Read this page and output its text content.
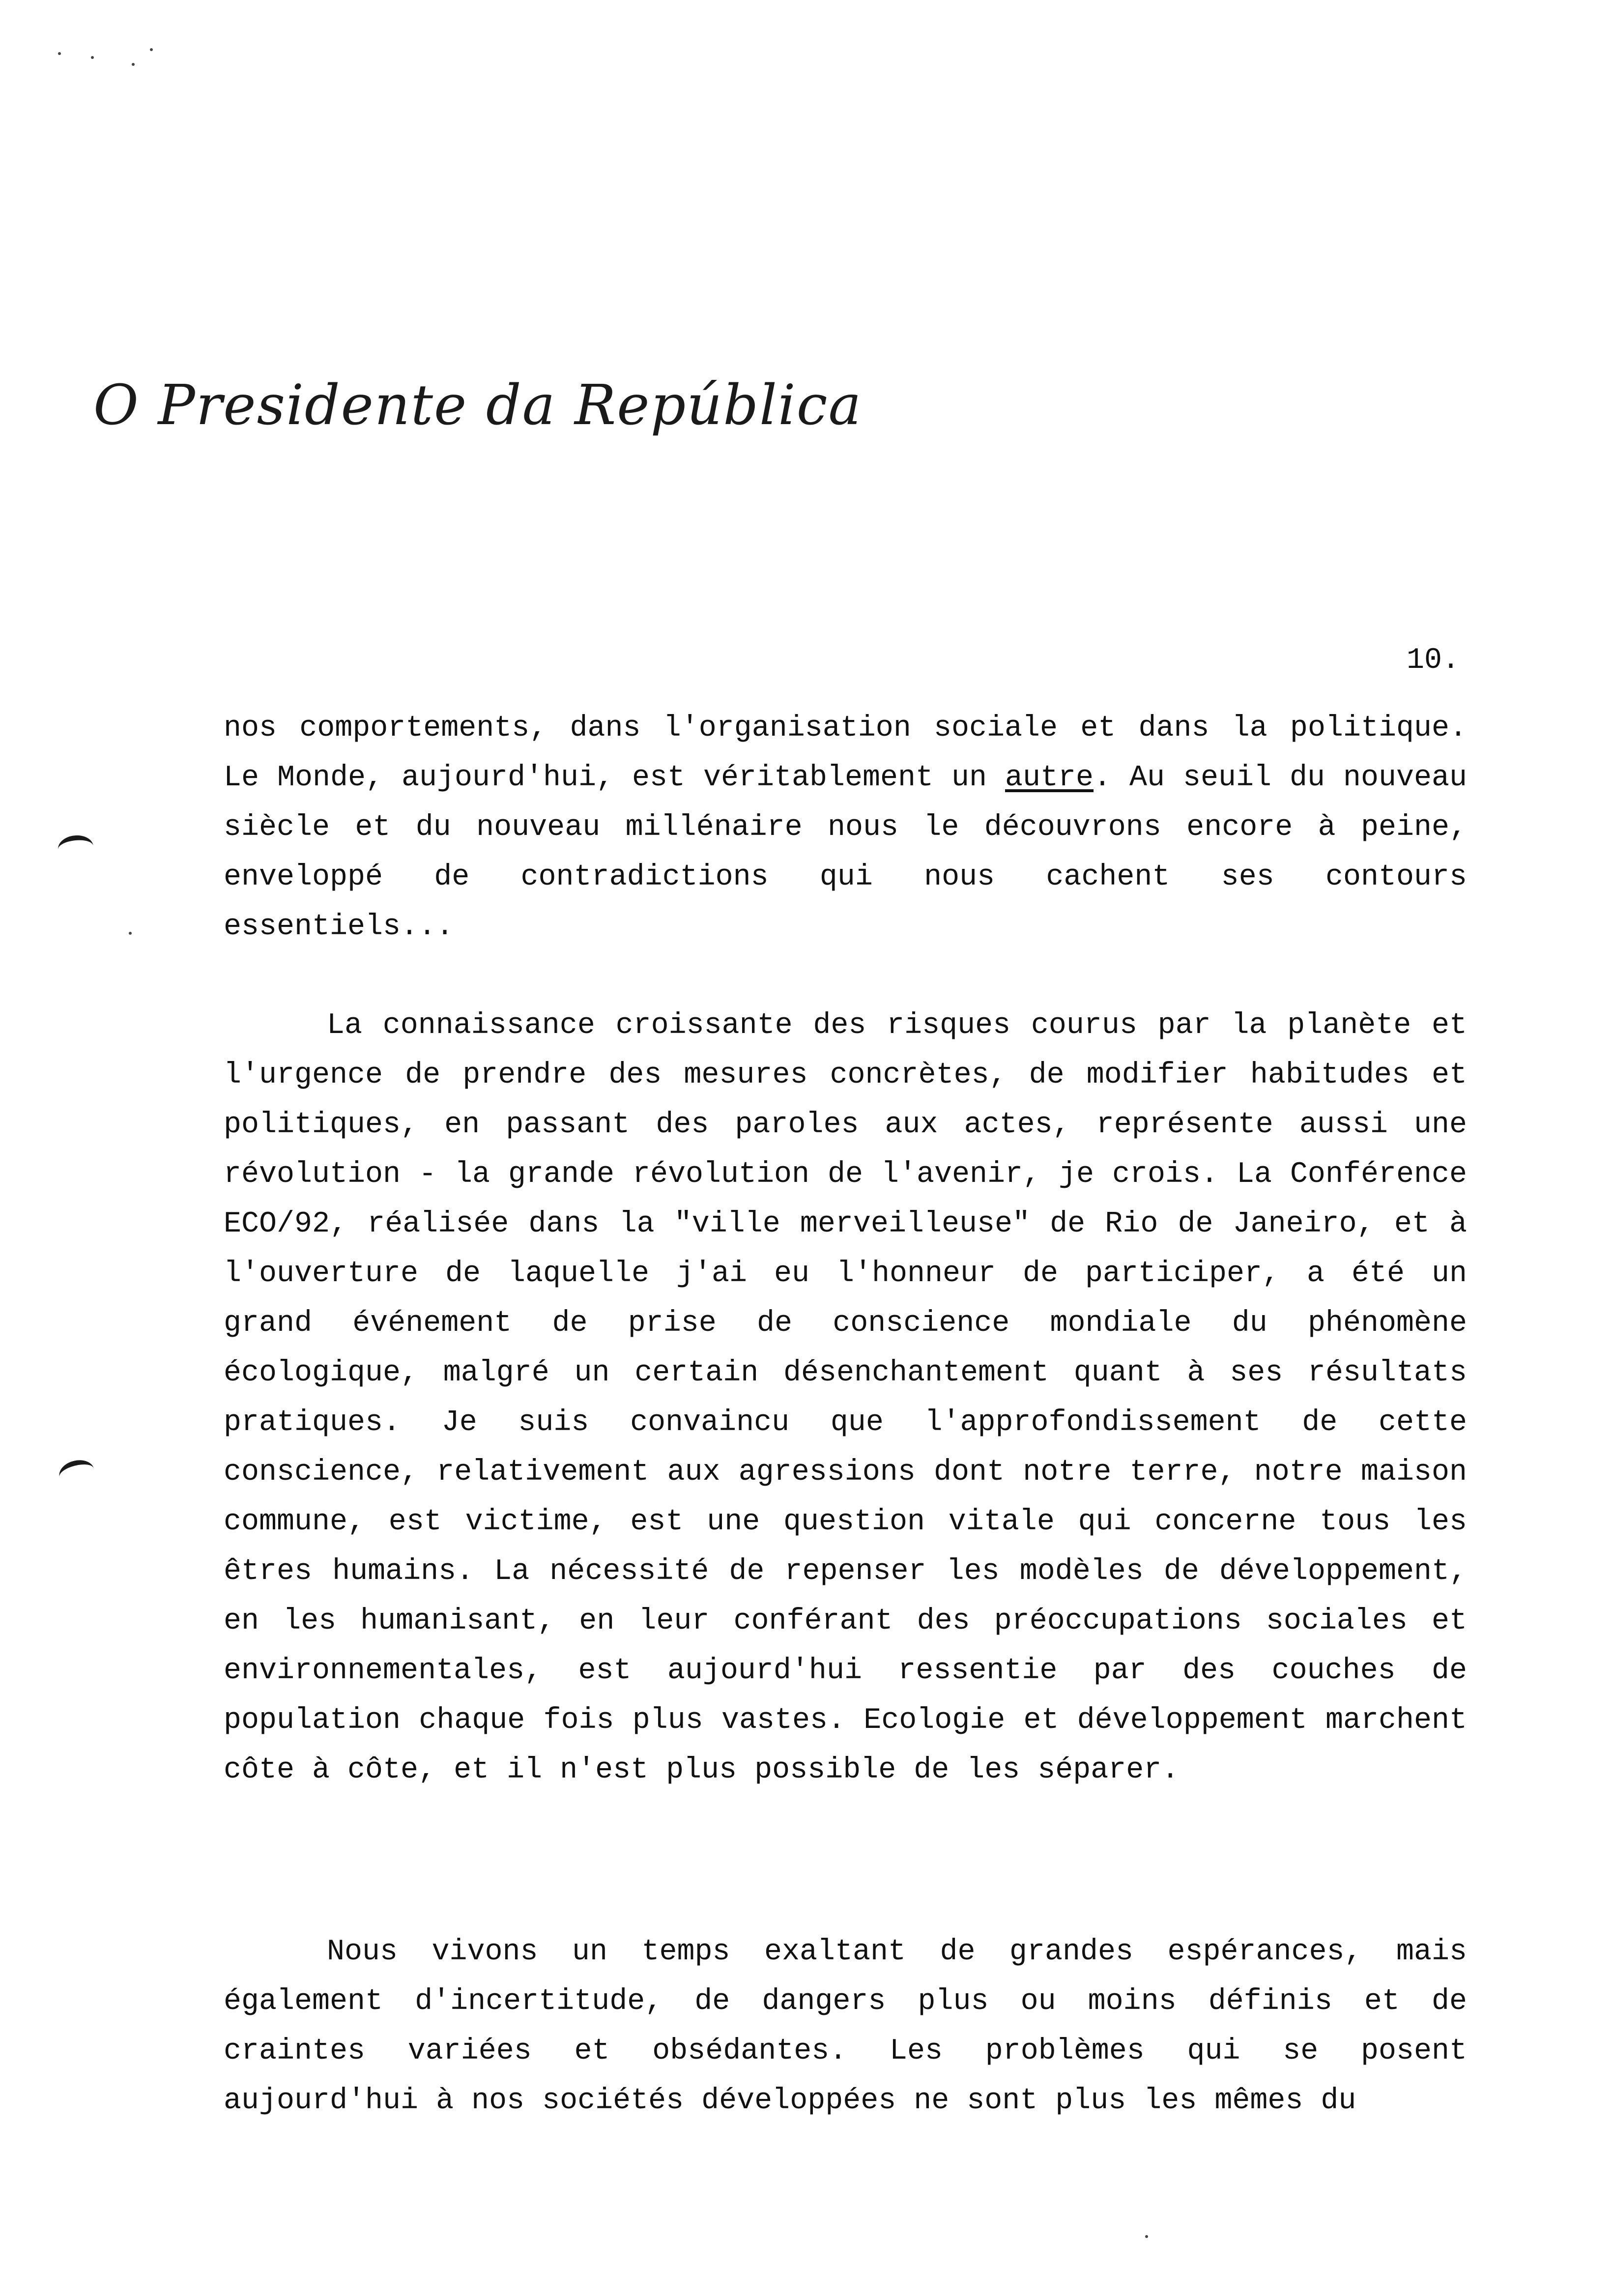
O Presidente da República
10.
nos comportements, dans l'organisation sociale et dans la politique. Le Monde, aujourd'hui, est véritablement un autre. Au seuil du nouveau siècle et du nouveau millénaire nous le découvrons encore à peine, enveloppé de contradictions qui nous cachent ses contours essentiels...
La connaissance croissante des risques courus par la planète et l'urgence de prendre des mesures concrètes, de modifier habitudes et politiques, en passant des paroles aux actes, représente aussi une révolution - la grande révolution de l'avenir, je crois. La Conférence ECO/92, réalisée dans la "ville merveilleuse" de Rio de Janeiro, et à l'ouverture de laquelle j'ai eu l'honneur de participer, a été un grand événement de prise de conscience mondiale du phénomène écologique, malgré un certain désenchantement quant à ses résultats pratiques. Je suis convaincu que l'approfondissement de cette conscience, relativement aux agressions dont notre terre, notre maison commune, est victime, est une question vitale qui concerne tous les êtres humains. La nécessité de repenser les modèles de développement, en les humanisant, en leur conférant des préoccupations sociales et environnementales, est aujourd'hui ressentie par des couches de population chaque fois plus vastes. Ecologie et développement marchent côte à côte, et il n'est plus possible de les séparer.
Nous vivons un temps exaltant de grandes espérances, mais également d'incertitude, de dangers plus ou moins définis et de craintes variées et obsédantes. Les problèmes qui se posent aujourd'hui à nos sociétés développées ne sont plus les mêmes du
